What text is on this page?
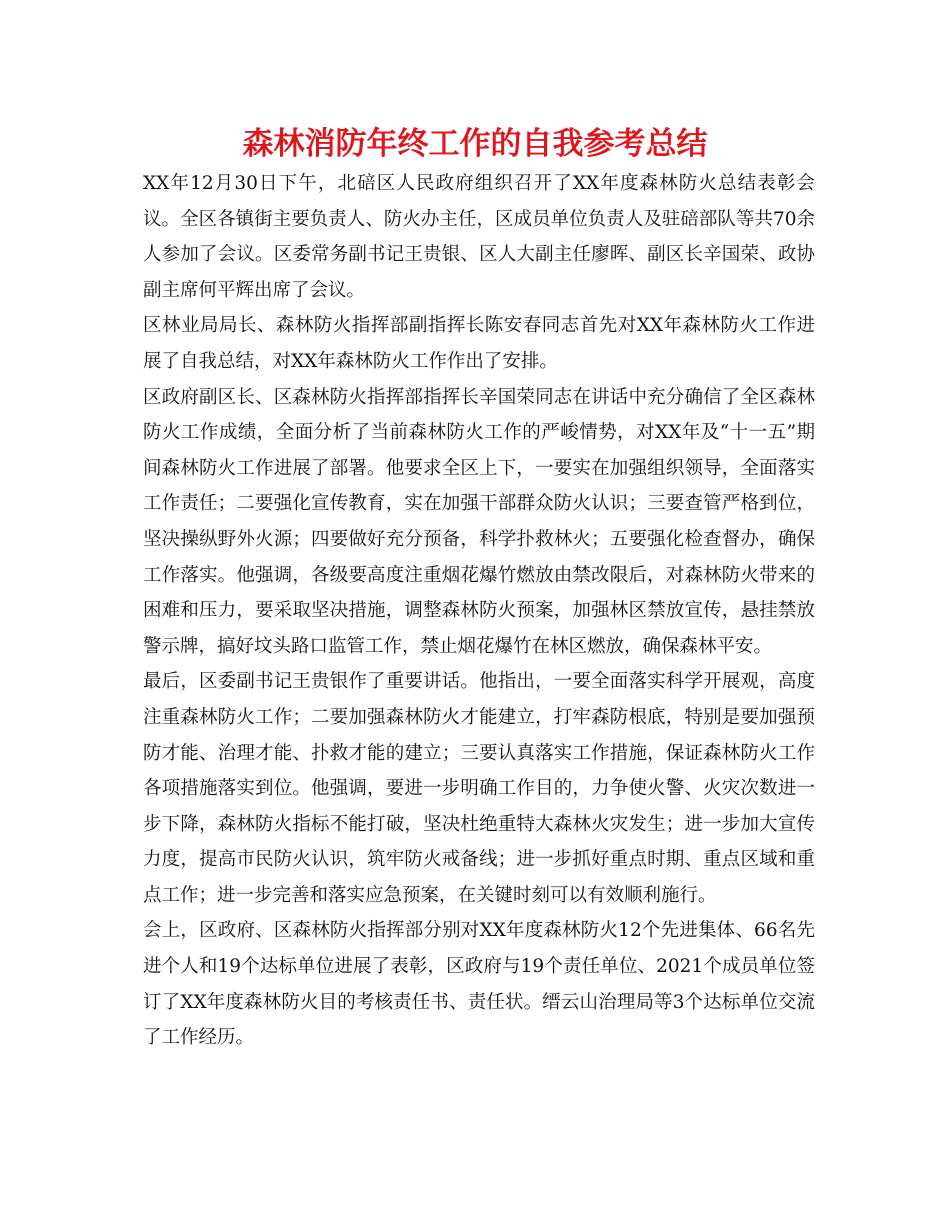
森林消防年终工作的自我参考总结

XX年12月30日下午，北碚区人民政府组织召开了XX年度森林防火总结表彰会议。全区各镇街主要负责人、防火办主任，区成员单位负责人及驻碚部队等共70余人参加了会议。区委常务副书记王贵银、区人大副主任廖晖、副区长辛国荣、政协副主席何平辉出席了会议。

区林业局局长、森林防火指挥部副指挥长陈安春同志首先对XX年森林防火工作进展了自我总结，对XX年森林防火工作作出了安排。

区政府副区长、区森林防火指挥部指挥长辛国荣同志在讲话中充分确信了全区森林防火工作成绩，全面分析了当前森林防火工作的严峻情势，对XX年及“十一五”期间森林防火工作进展了部署。他要求全区上下，一要实在加强组织领导，全面落实工作责任；二要强化宣传教育，实在加强干部群众防火认识；三要查管严格到位，坚决操纵野外火源；四要做好充分预备，科学扑救林火；五要强化检查督办，确保工作落实。他强调，各级要高度注重烟花爆竹燃放由禁改限后，对森林防火带来的困难和压力，要采取坚决措施，调整森林防火预案，加强林区禁放宣传，悬挂禁放警示牌，搞好坟头路口监管工作，禁止烟花爆竹在林区燃放，确保森林平安。

最后，区委副书记王贵银作了重要讲话。他指出，一要全面落实科学开展观，高度注重森林防火工作；二要加强森林防火才能建立，打牢森防根底，特别是要加强预防才能、治理才能、扑救才能的建立；三要认真落实工作措施，保证森林防火工作各项措施落实到位。他强调，要进一步明确工作目的，力争使火警、火灾次数进一步下降，森林防火指标不能打破，坚决杜绝重特大森林火灾发生；进一步加大宣传力度，提高市民防火认识，筑牢防火戒备线；进一步抓好重点时期、重点区域和重点工作；进一步完善和落实应急预案，在关键时刻可以有效顺利施行。

会上，区政府、区森林防火指挥部分别对XX年度森林防火12个先进集体、66名先进个人和19个达标单位进展了表彰，区政府与19个责任单位、2021个成员单位签订了XX年度森林防火目的考核责任书、责任状。缙云山治理局等3个达标单位交流了工作经历。
